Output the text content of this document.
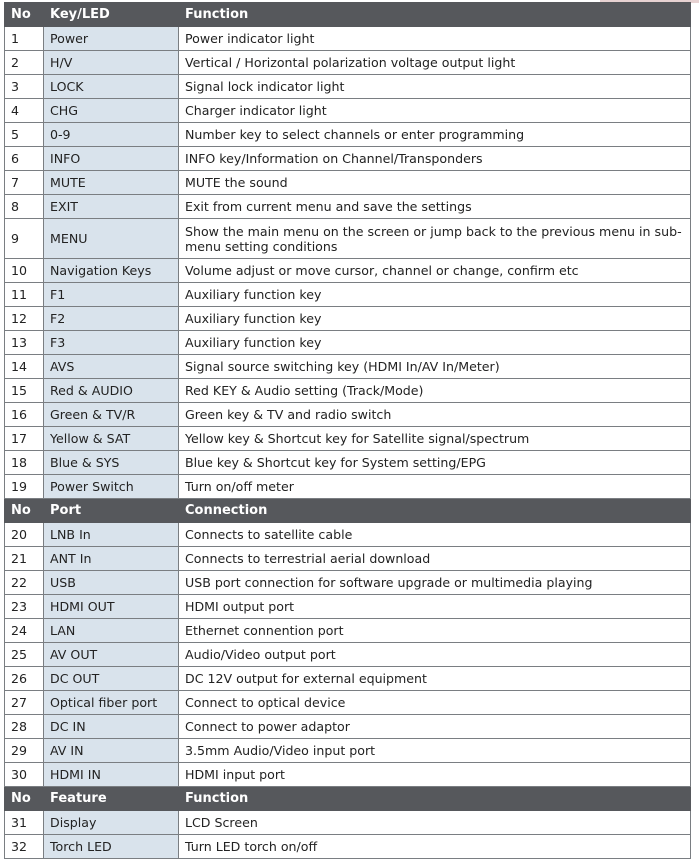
No	Key/LED	Function
1	Power	Power indicator light
2	H/V	Vertical / Horizontal polarization voltage output light
3	LOCK	Signal lock indicator light
4	CHG	Charger indicator light
5	0-9	Number key to select channels or enter programming
6	INFO	INFO key/Information on Channel/Transponders
7	MUTE	MUTE the sound
8	EXIT	Exit from current menu and save the settings
9	MENU	Show the main menu on the screen or jump back to the previous menu in sub-menu setting conditions
10	Navigation Keys	Volume adjust or move cursor, channel or change, confirm etc
11	F1	Auxiliary function key
12	F2	Auxiliary function key
13	F3	Auxiliary function key
14	AVS	Signal source switching key (HDMI In/AV In/Meter)
15	Red & AUDIO	Red KEY & Audio setting (Track/Mode)
16	Green & TV/R	Green key & TV and radio switch
17	Yellow & SAT	Yellow key & Shortcut key for Satellite signal/spectrum
18	Blue & SYS	Blue key & Shortcut key for System setting/EPG
19	Power Switch	Turn on/off meter
No	Port	Connection
20	LNB In	Connects to satellite cable
21	ANT In	Connects to terrestrial aerial download
22	USB	USB port connection for software upgrade or multimedia playing
23	HDMI OUT	HDMI output port
24	LAN	Ethernet connention port
25	AV OUT	Audio/Video output port
26	DC OUT	DC 12V output for external equipment
27	Optical fiber port	Connect to optical device
28	DC IN	Connect to power adaptor
29	AV IN	3.5mm Audio/Video input port
30	HDMI IN	HDMI input port
No	Feature	Function
31	Display	LCD Screen
32	Torch LED	Turn LED torch on/off
